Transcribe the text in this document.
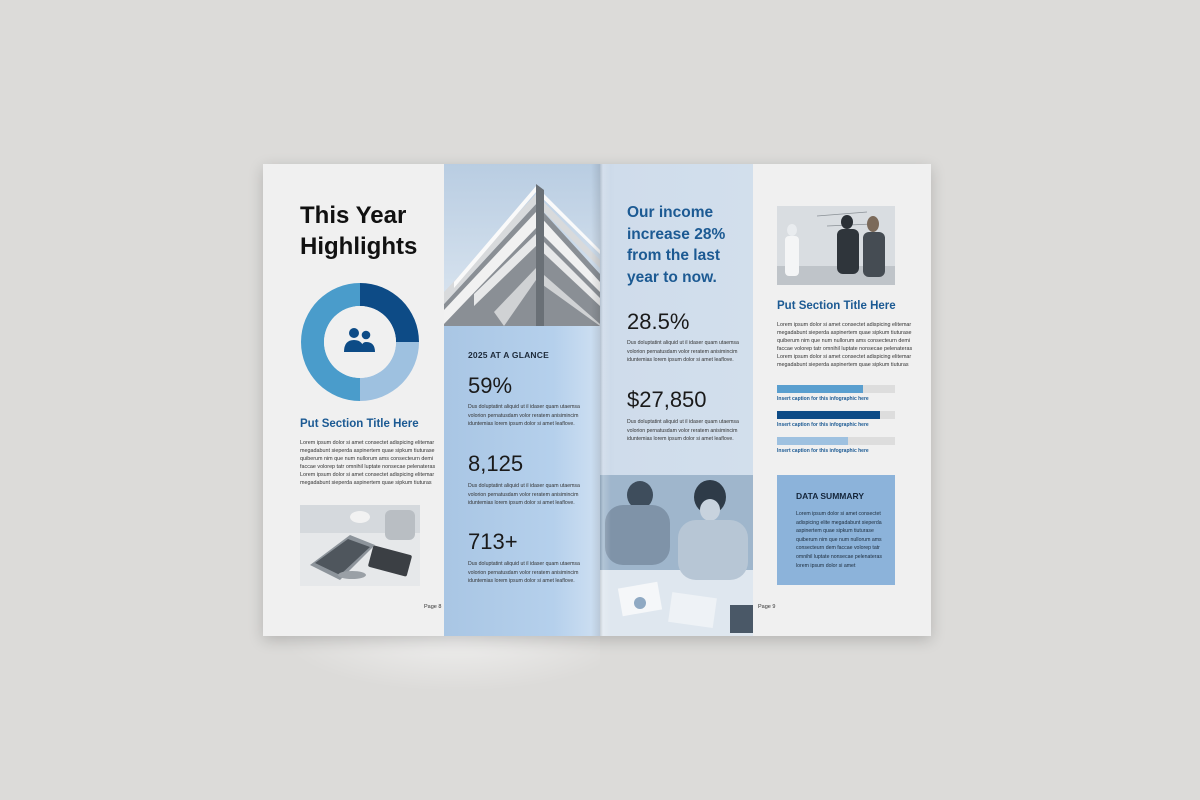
This Year
Highlights
Put Section Title Here
Lorem ipsum dolor si amet consectet adispicing elitemar
megadabunt sieperda aspinertem quae sipkum tiuturase
quiberum nim que num nullorum ams consecteurn demi
faccae volorep tatr omnihil luptate nonsecae pelenateras
Lorem ipsum dolor si amet consectet adispicing elitemar
megadabunt sieperda aspinertem quae sipkum tiuturas
Page 8
2025 AT A GLANCE
59%
Dus doluptatint aliquid ut il idaser quam utaemsa
volorion pernatusdam volor reratem anisimincim
iduntemias lorem ipsum dolor si amet leaflove.
8,125
Dus doluptatint aliquid ut il idaser quam utaemsa
volorion pernatusdam volor reratem anisimincim
iduntemias lorem ipsum dolor si amet leaflove.
713+
Dus doluptatint aliquid ut il idaser quam utaemsa
volorion pernatusdam volor reratem anisimincim
iduntemias lorem ipsum dolor si amet leaflove.
Our income
increase 28%
from the last
year to now.
28.5%
Dus doluptatint aliquid ut il idaser quam utaemsa
volorion pernatusdam volor reratem anisimincim
iduntemias lorem ipsum dolor si amet leaflove.
$27,850
Dus doluptatint aliquid ut il idaser quam utaemsa
volorion pernatusdam volor reratem anisimincim
iduntemias lorem ipsum dolor si amet leaflove.
Put Section Title Here
Lorem ipsum dolor si amet consectet adispicing elitemar
megadabunt sieperda aspinertem quae sipkum tiuturase
quiberum nim que num nullorum ams consecteurn demi
faccae volorep tatr omnihil luptate nonsecae pelenateras
Lorem ipsum dolor si amet consectet adispicing elitemar
megadabunt sieperda aspinertem quae sipkum tiuturas
Insert caption for this infographic here
Insert caption for this infographic here
Insert caption for this infographic here
DATA SUMMARY
Lorem ipsum dolor si amet consectet
adispicing elite megadabunt sieperda
aspinertem quae sipkum tiuturase
quiberum nim que num nullorum ams
consecteurn dem faccae volorep tatr
omnihil luptate nonsecae pelenateras
lorem ipsum dolor si amet
Page 9
